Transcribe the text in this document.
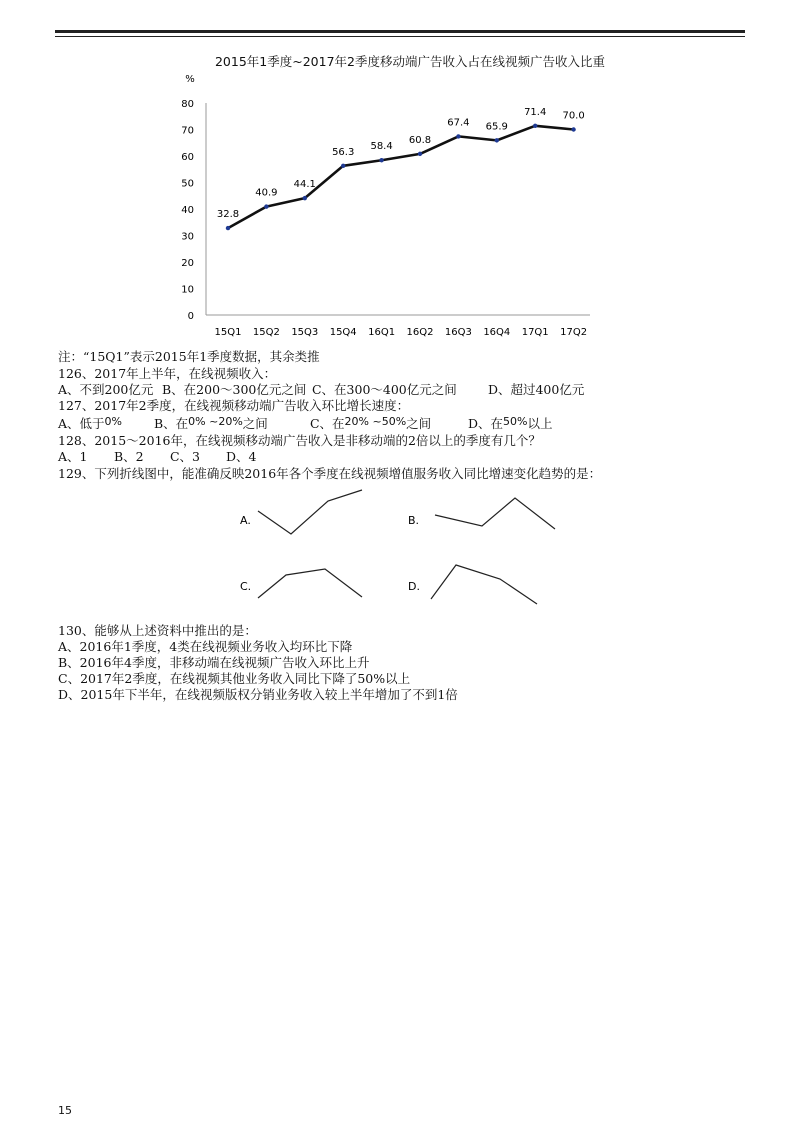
2015年1季度~2017年2季度移动端广告收入占在线视频广告收入比重
%
0
10
20
30
40
50
60
70
80
15Q1 15Q2 15Q3 15Q4 16Q1 16Q2 16Q3 16Q4 17Q1 17Q2
32.8
40.9
44.1
56.3
58.4
60.8
67.4 65.9
71.4 70.0
注：“15Q1”表示2015年1季度数据，其余类推
126、2017年上半年，在线视频收入：
A、不到200亿元 B、在200～300亿元之间 C、在300～400亿元之间 D、超过400亿元
127、2017年2季度，在线视频移动端广告收入环比增长速度：
A、低于0%	B、在0% ~20%之间	C、在20% ~50%之间	D、在50%以上
128、2015～2016年，在线视频移动端广告收入是非移动端的2倍以上的季度有几个？
A、1 B、2 C、3 D、4
129、下列折线图中，能准确反映2016年各个季度在线视频增值服务收入同比增速变化趋势的是：
A.	B.
C.	D.
130、能够从上述资料中推出的是：
A、2016年1季度，4类在线视频业务收入均环比下降
B、2016年4季度，非移动端在线视频广告收入环比上升
C、2017年2季度，在线视频其他业务收入同比下降了50%以上
D、2015年下半年，在线视频版权分销业务收入较上半年增加了不到1倍
15
